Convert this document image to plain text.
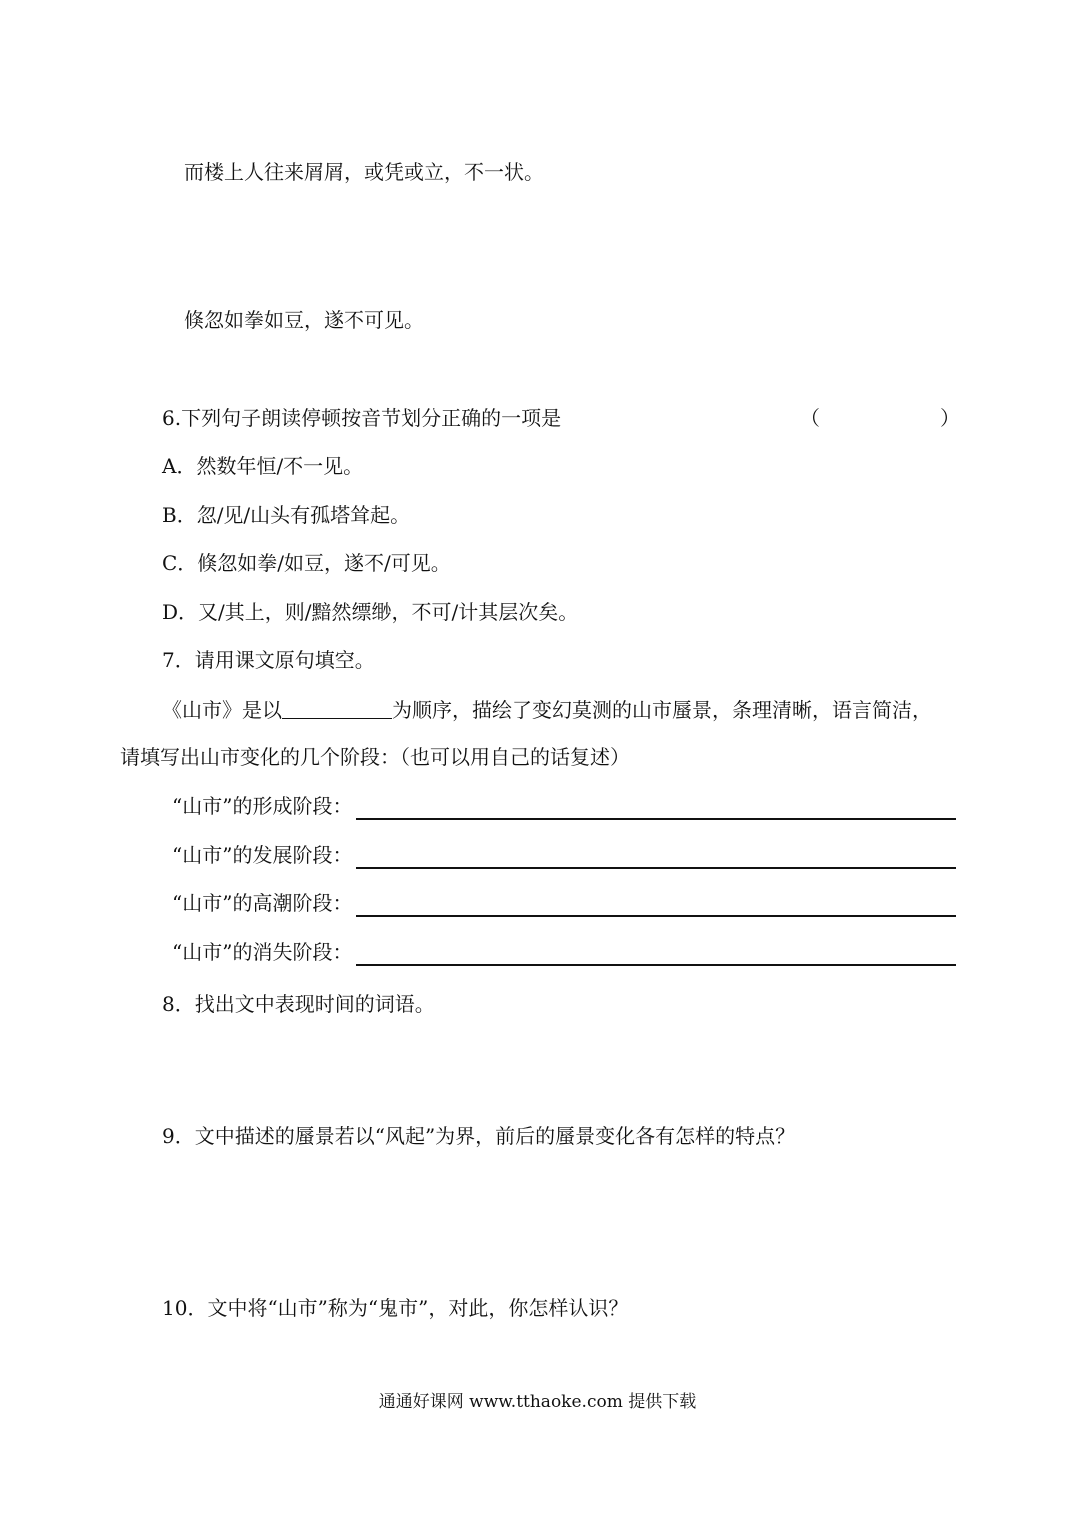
而楼上人往来屑屑，或凭或立，不一状。
倏忽如拳如豆，遂不可见。
6.下列句子朗读停顿按音节划分正确的一项是	（	）
A．然数年恒/不一见。
B．忽/见/山头有孤塔耸起。
C．倏忽如拳/如豆，遂不/可见。
D．又/其上，则/黯然缥缈，不可/计其层次矣。
7．请用课文原句填空。
《山市》是以	为顺序，描绘了变幻莫测的山市蜃景，条理清晰，语言简洁，
请填写出山市变化的几个阶段：（也可以用自己的话复述）
“山市”的形成阶段：
“山市”的发展阶段：
“山市”的高潮阶段：
“山市”的消失阶段：
8．找出文中表现时间的词语。
9．文中描述的蜃景若以“风起”为界，前后的蜃景变化各有怎样的特点？
10．文中将“山市”称为“鬼市”，对此，你怎样认识？
通通好课网 www.tthaoke.com 提供下载
